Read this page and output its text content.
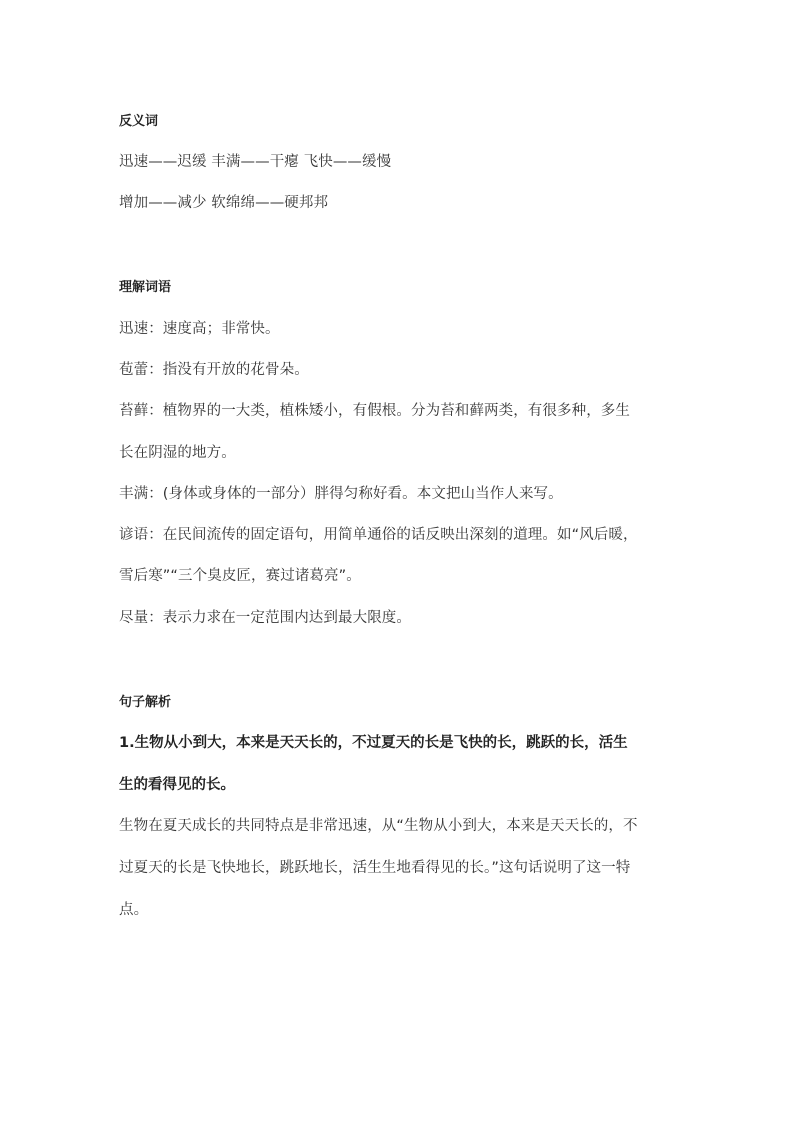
反义词
迅速——迟缓 丰满——干瘪 飞快——缓慢
增加——减少 软绵绵——硬邦邦
理解词语
迅速：速度高；非常快。
苞蕾：指没有开放的花骨朵。
苔藓：植物界的一大类，植株矮小，有假根。分为苔和藓两类，有很多种，多生
长在阴湿的地方。
丰满：(身体或身体的一部分）胖得匀称好看。本文把山当作人来写。
谚语：在民间流传的固定语句，用简单通俗的话反映出深刻的道理。如“风后暖，
雪后寒”“三个臭皮匠，赛过诸葛亮”。
尽量：表示力求在一定范围内达到最大限度。
句子解析
1.生物从小到大，本来是天天长的，不过夏天的长是飞快的长，跳跃的长，活生
生的看得见的长。
生物在夏天成长的共同特点是非常迅速，从“生物从小到大，本来是天天长的，不
过夏天的长是飞快地长，跳跃地长，活生生地看得见的长。”这句话说明了这一特
点。
